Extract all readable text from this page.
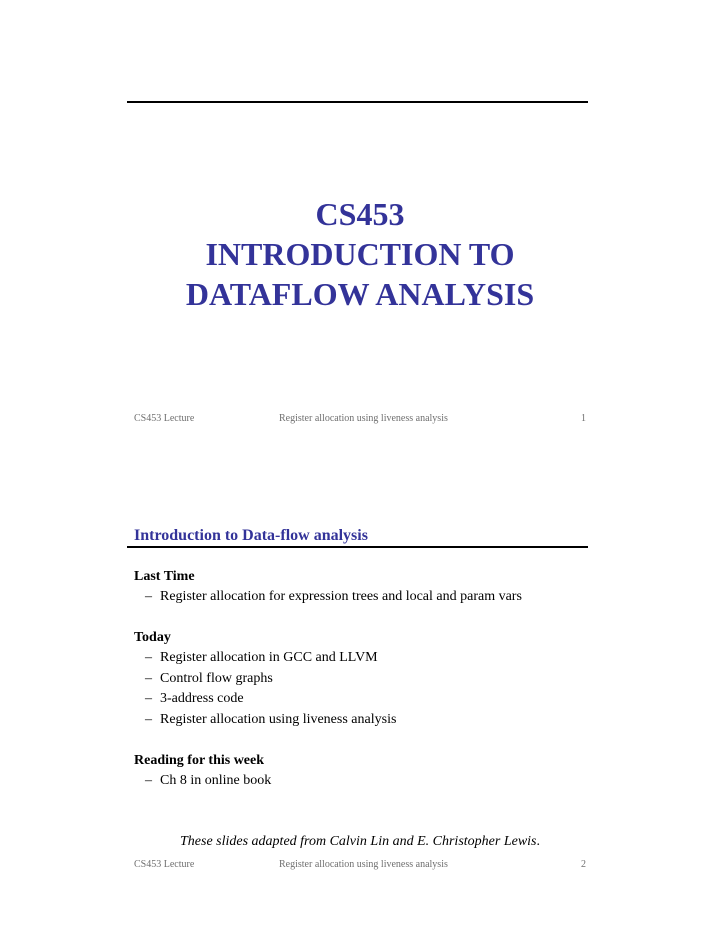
CS453
INTRODUCTION TO
DATAFLOW ANALYSIS
CS453 Lecture	Register allocation using liveness analysis	1
Introduction to Data-flow analysis
Last Time
– Register allocation for expression trees and local and param vars
Today
– Register allocation in GCC and LLVM
– Control flow graphs
– 3-address code
– Register allocation using liveness analysis
Reading for this week
– Ch 8 in online book
These slides adapted from Calvin Lin and E. Christopher Lewis.
CS453 Lecture	Register allocation using liveness analysis	2
